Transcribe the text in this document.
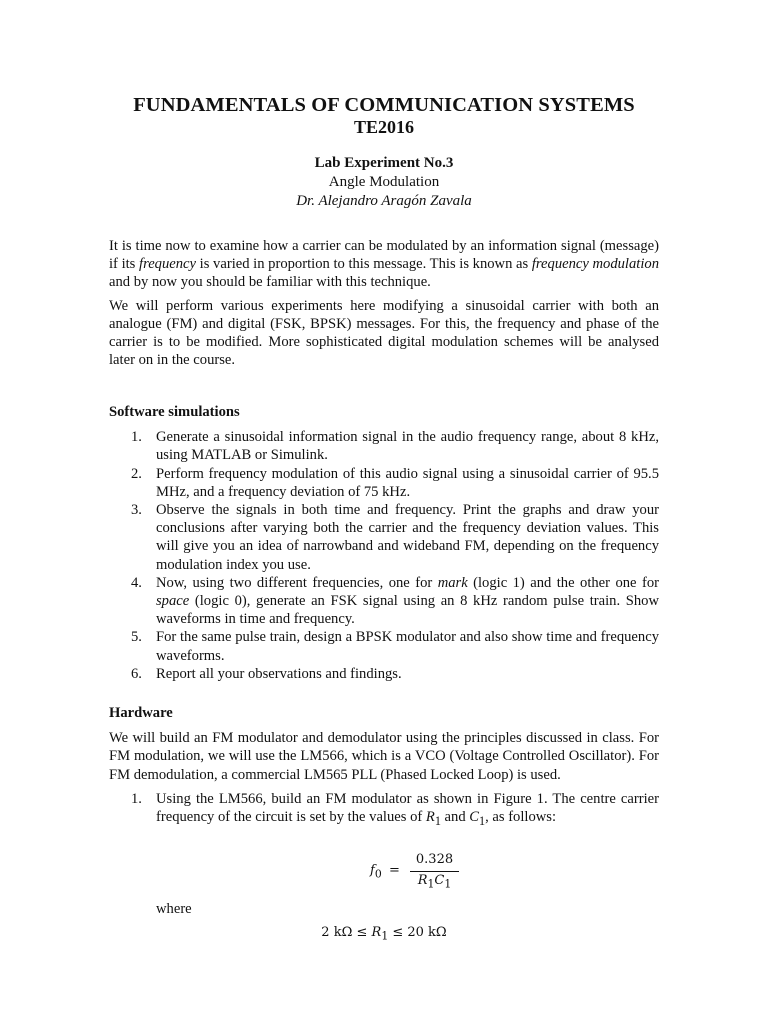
FUNDAMENTALS OF COMMUNICATION SYSTEMS
TE2016
Lab Experiment No.3
Angle Modulation
Dr. Alejandro Aragón Zavala

It is time now to examine how a carrier can be modulated by an information signal (message) if its frequency is varied in proportion to this message. This is known as frequency modulation and by now you should be familiar with this technique.

We will perform various experiments here modifying a sinusoidal carrier with both an analogue (FM) and digital (FSK, BPSK) messages. For this, the frequency and phase of the carrier is to be modified. More sophisticated digital modulation schemes will be analysed later on in the course.

Software simulations
1. Generate a sinusoidal information signal in the audio frequency range, about 8 kHz, using MATLAB or Simulink.
2. Perform frequency modulation of this audio signal using a sinusoidal carrier of 95.5 MHz, and a frequency deviation of 75 kHz.
3. Observe the signals in both time and frequency. Print the graphs and draw your conclusions after varying both the carrier and the frequency deviation values. This will give you an idea of narrowband and wideband FM, depending on the frequency modulation index you use.
4. Now, using two different frequencies, one for mark (logic 1) and the other one for space (logic 0), generate an FSK signal using an 8 kHz random pulse train. Show waveforms in time and frequency.
5. For the same pulse train, design a BPSK modulator and also show time and frequency waveforms.
6. Report all your observations and findings.
Hardware

We will build an FM modulator and demodulator using the principles discussed in class. For FM modulation, we will use the LM566, which is a VCO (Voltage Controlled Oscillator). For FM demodulation, a commercial LM565 PLL (Phased Locked Loop) is used.

1. Using the LM566, build an FM modulator as shown in Figure 1. The centre carrier frequency of the circuit is set by the values of $R_1$ and $C_1$, as follows:
$f_0$ =
0.328
$R_1C_1$
where
2 $k\Omega \le R_1 \le 20$ kΩ
